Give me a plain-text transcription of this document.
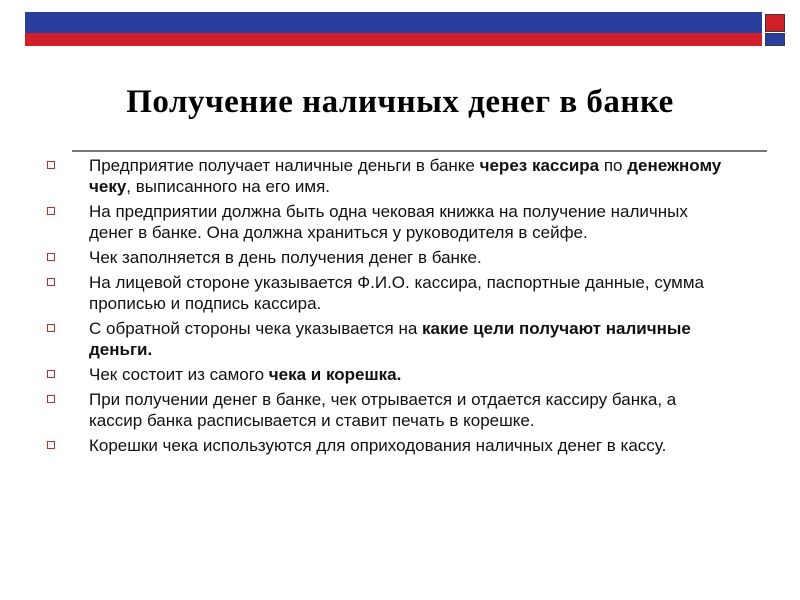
Получение наличных денег в банке
Предприятие получает наличные деньги в банке через кассира по денежному чеку, выписанного на его имя.
На предприятии должна быть одна чековая книжка на получение наличных денег в банке. Она должна храниться у руководителя в сейфе.
Чек заполняется в день получения денег в банке.
На лицевой стороне указывается Ф.И.О. кассира, паспортные данные, сумма прописью и подпись кассира.
С обратной стороны чека указывается на какие цели получают наличные деньги.
Чек состоит из самого чека и корешка.
При получении денег в банке, чек отрывается и отдается кассиру банка, а кассир банка расписывается и ставит печать в корешке.
Корешки чека используются для оприходования наличных денег в кассу.
